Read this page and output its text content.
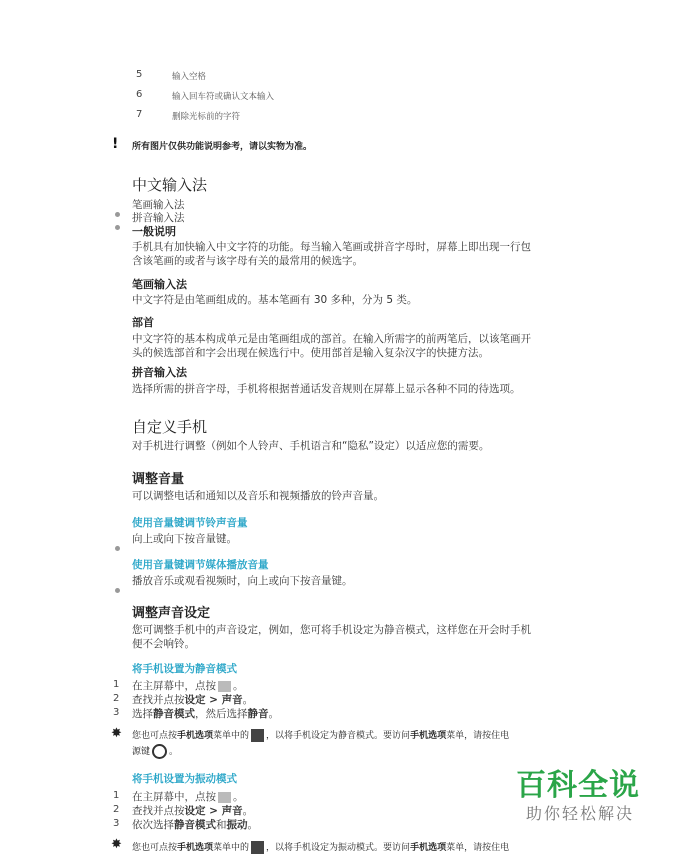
5	输入空格
6	输入回车符或确认文本输入
7	删除光标前的字符
! 所有图片仅供功能说明参考，请以实物为准。
中文输入法
笔画输入法
拼音输入法
一般说明
手机具有加快输入中文字符的功能。每当输入笔画或拼音字母时，屏幕上即出现一行包
含该笔画的或者与该字母有关的最常用的候选字。
笔画输入法
中文字符是由笔画组成的。基本笔画有 30 多种，分为 5 类。
部首
中文字符的基本构成单元是由笔画组成的部首。在输入所需字的前两笔后，以该笔画开
头的候选部首和字会出现在候选行中。使用部首是输入复杂汉字的快捷方法。
拼音输入法
选择所需的拼音字母，手机将根据普通话发音规则在屏幕上显示各种不同的待选项。
自定义手机
对手机进行调整（例如个人铃声、手机语言和“隐私”设定）以适应您的需要。
调整音量
可以调整电话和通知以及音乐和视频播放的铃声音量。
使用音量键调节铃声音量
向上或向下按音量键。
使用音量键调节媒体播放音量
播放音乐或观看视频时，向上或向下按音量键。
调整声音设定
您可调整手机中的声音设定，例如，您可将手机设定为静音模式，这样您在开会时手机
便不会响铃。
将手机设置为静音模式
1 在主屏幕中，点按 。
2 查找并点按设定 > 声音。
3 选择静音模式，然后选择静音。
✸ 您也可点按手机选项菜单中的 ，以将手机设定为静音模式。要访问手机选项菜单，请按住电
源键 。
将手机设置为振动模式
1 在主屏幕中，点按 。
2 查找并点按设定 > 声音。
3 依次选择静音模式和振动。
✸ 您也可点按手机选项菜单中的 ，以将手机设定为振动模式。要访问手机选项菜单，请按住电
百科全说
助你轻松解决
